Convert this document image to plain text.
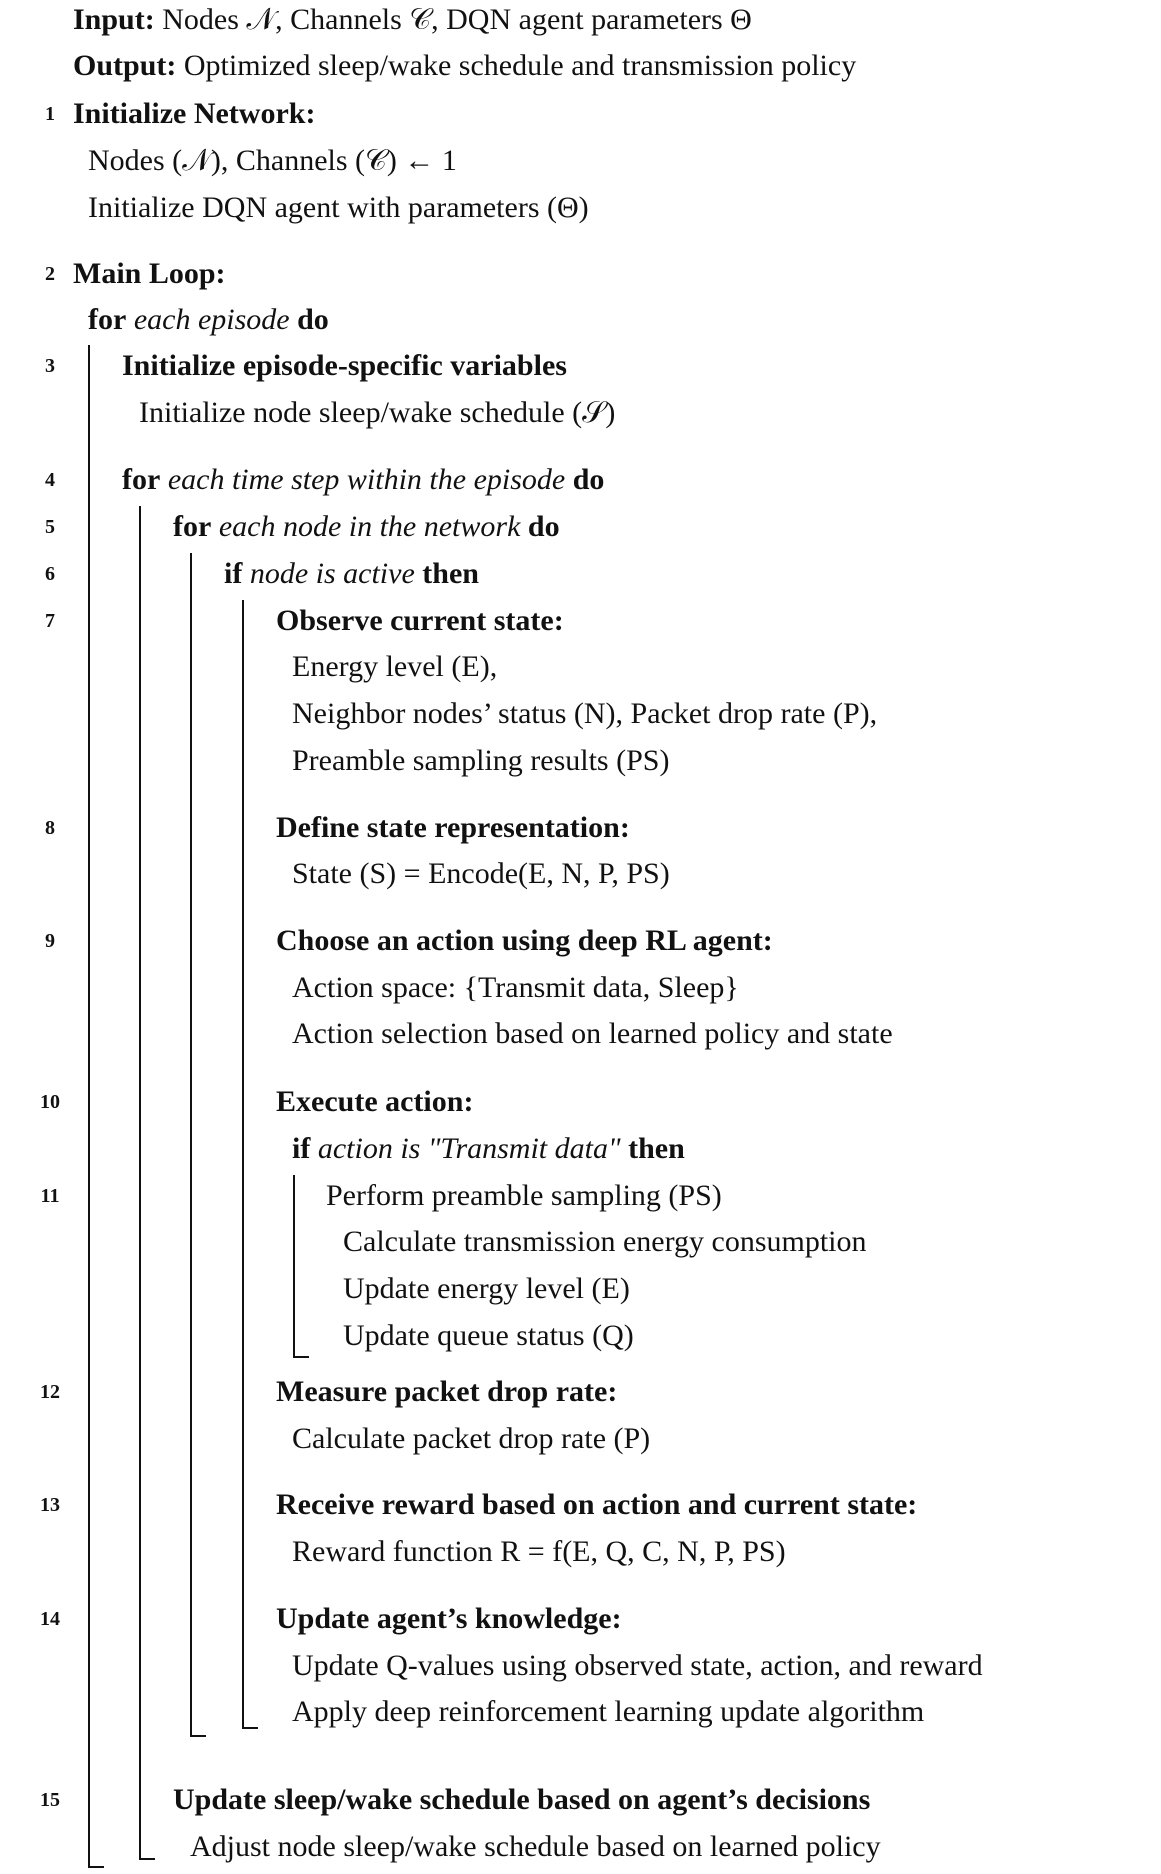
Input: Nodes 𝒩, Channels 𝒞, DQN agent parameters Θ
Output: Optimized sleep/wake schedule and transmission policy
1
2
3
4
5
6
7
8
9
10
11
12
13
14
15
Initialize Network:
Nodes (𝒩), Channels (𝒞) ← 1
Initialize DQN agent with parameters (Θ)
Main Loop:
for each episode do
Initialize episode-specific variables
Initialize node sleep/wake schedule (𝒮)
for each time step within the episode do
for each node in the network do
if node is active then
Observe current state:
Energy level (E),
Neighbor nodes’ status (N), Packet drop rate (P),
Preamble sampling results (PS)
Define state representation:
State (S) = Encode(E, N, P, PS)
Choose an action using deep RL agent:
Action space: {Transmit data, Sleep}
Action selection based on learned policy and state
Execute action:
if action is "Transmit data" then
Perform preamble sampling (PS)
Calculate transmission energy consumption
Update energy level (E)
Update queue status (Q)
Measure packet drop rate:
Calculate packet drop rate (P)
Receive reward based on action and current state:
Reward function R = f(E, Q, C, N, P, PS)
Update agent’s knowledge:
Update Q-values using observed state, action, and reward
Apply deep reinforcement learning update algorithm
Update sleep/wake schedule based on agent’s decisions
Adjust node sleep/wake schedule based on learned policy
